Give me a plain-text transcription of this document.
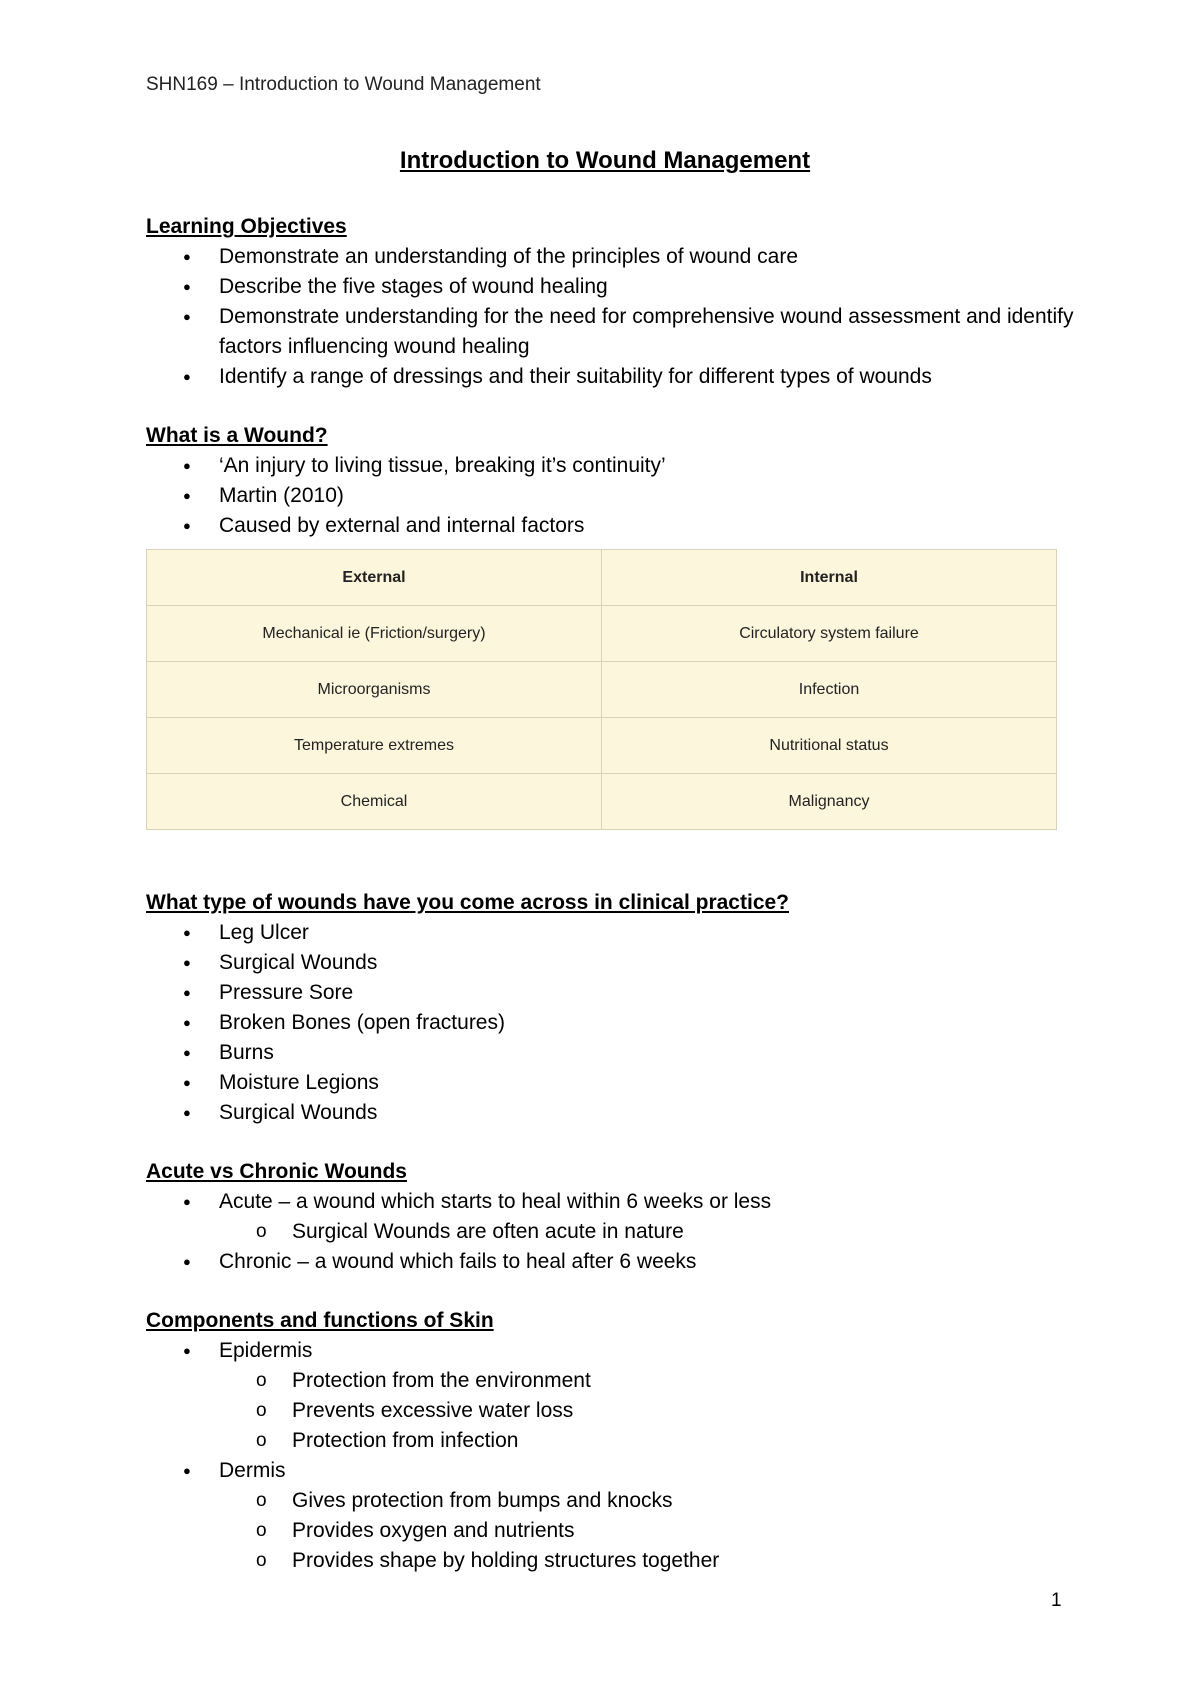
SHN169 – Introduction to Wound Management
Introduction to Wound Management
Learning Objectives
● Demonstrate an understanding of the principles of wound care
● Describe the five stages of wound healing
● Demonstrate understanding for the need for comprehensive wound assessment and identify factors influencing wound healing
● Identify a range of dressings and their suitability for different types of wounds
What is a Wound?
● ‘An injury to living tissue, breaking it’s continuity’
● Martin (2010)
● Caused by external and internal factors
External	Internal
Mechanical ie (Friction/surgery)	Circulatory system failure
Microorganisms	Infection
Temperature extremes	Nutritional status
Chemical	Malignancy
What type of wounds have you come across in clinical practice?
● Leg Ulcer
● Surgical Wounds
● Pressure Sore
● Broken Bones (open fractures)
● Burns
● Moisture Legions
● Surgical Wounds
Acute vs Chronic Wounds
● Acute – a wound which starts to heal within 6 weeks or less
o Surgical Wounds are often acute in nature
● Chronic – a wound which fails to heal after 6 weeks
Components and functions of Skin
● Epidermis
o Protection from the environment
o Prevents excessive water loss
o Protection from infection
● Dermis
o Gives protection from bumps and knocks
o Provides oxygen and nutrients
o Provides shape by holding structures together
1
